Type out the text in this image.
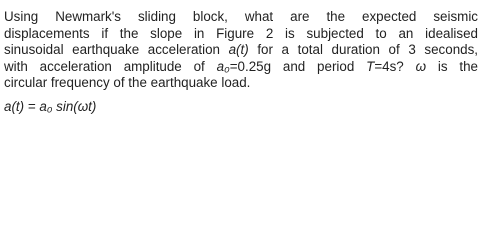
Using Newmark's sliding block, what are the expected seismic
displacements if the slope in Figure 2 is subjected to an idealised
sinusoidal earthquake acceleration a(t) for a total duration of 3 seconds,
with acceleration amplitude of a₀=0.25g and period T=4s? ω is the
circular frequency of the earthquake load.
a(t) = a₀ sin(ωt)
